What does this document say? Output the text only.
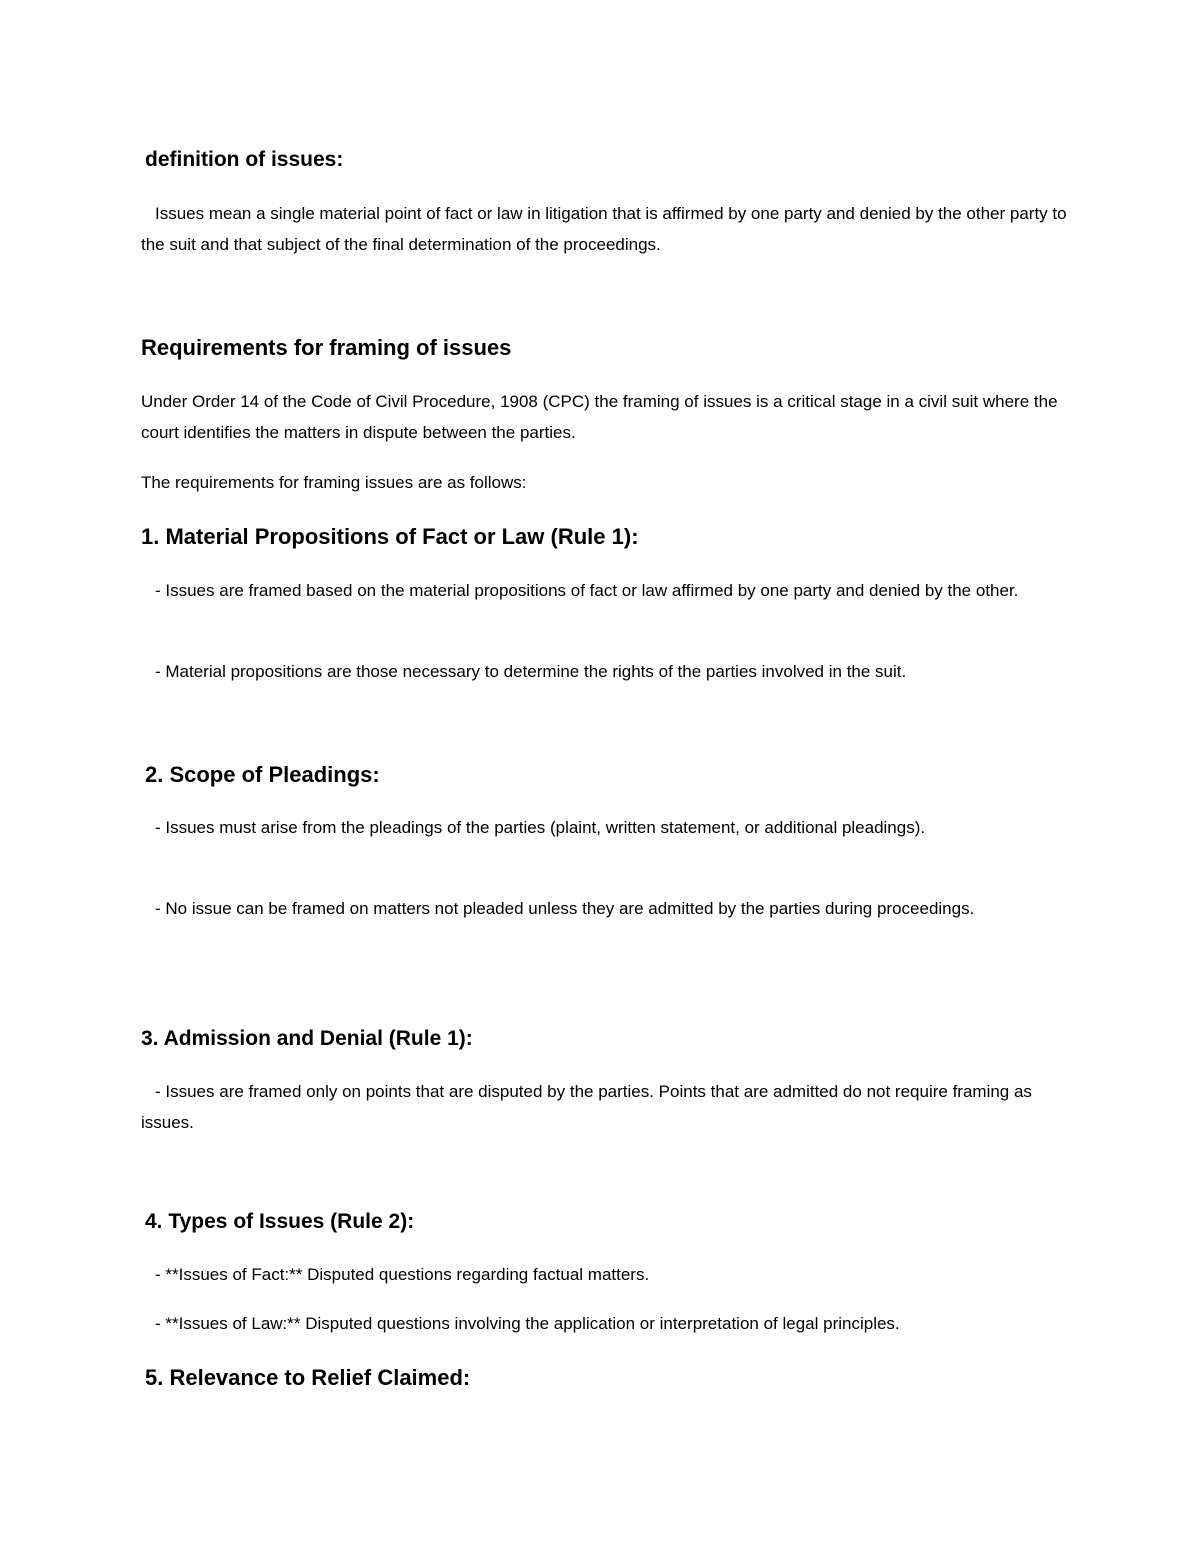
definition of issues:

Issues mean a single material point of fact or law in litigation that is affirmed by one party and denied by the other party to the suit and that subject of the final determination of the proceedings.

Requirements for framing of issues

Under Order 14 of the Code of Civil Procedure, 1908 (CPC) the framing of issues is a critical stage in a civil suit where the court identifies the matters in dispute between the parties.

The requirements for framing issues are as follows:

1. Material Propositions of Fact or Law (Rule 1):

- Issues are framed based on the material propositions of fact or law affirmed by one party and denied by the other.

- Material propositions are those necessary to determine the rights of the parties involved in the suit.

2. Scope of Pleadings:

- Issues must arise from the pleadings of the parties (plaint, written statement, or additional pleadings).

- No issue can be framed on matters not pleaded unless they are admitted by the parties during proceedings.

3. Admission and Denial (Rule 1):

- Issues are framed only on points that are disputed by the parties. Points that are admitted do not require framing as issues.

4. Types of Issues (Rule 2):

- **Issues of Fact:** Disputed questions regarding factual matters.

- **Issues of Law:** Disputed questions involving the application or interpretation of legal principles.

5. Relevance to Relief Claimed:
